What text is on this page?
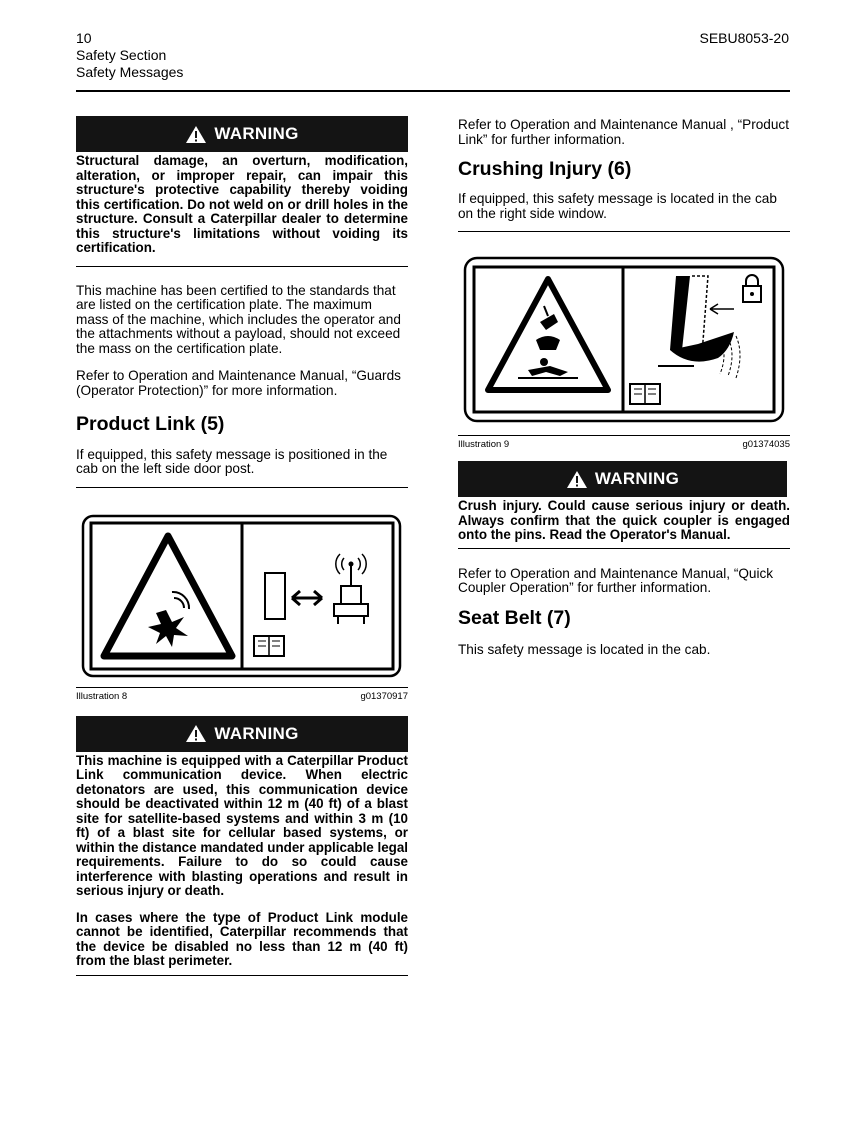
10
Safety Section
Safety Messages
SEBU8053-20
WARNING
Structural damage, an overturn, modification, alteration, or improper repair, can impair this structure's protective capability thereby voiding this certification. Do not weld on or drill holes in the structure. Consult a Caterpillar dealer to determine this structure's limitations without voiding its certification.

This machine has been certified to the standards that are listed on the certification plate. The maximum mass of the machine, which includes the operator and the attachments without a payload, should not exceed the mass on the certification plate.

Refer to Operation and Maintenance Manual, “Guards (Operator Protection)” for more information.

Product Link (5)

If equipped, this safety message is positioned in the cab on the left side door post.

Illustration 8	g01370917
WARNING
This machine is equipped with a Caterpillar Product Link communication device. When electric detonators are used, this communication device should be deactivated within 12 m (40 ft) of a blast site for satellite-based systems and within 3 m (10 ft) of a blast site for cellular based systems, or within the distance mandated under applicable legal requirements. Failure to do so could cause interference with blasting operations and result in serious injury or death.
In cases where the type of Product Link module cannot be identified, Caterpillar recommends that the device be disabled no less than 12 m (40 ft) from the blast perimeter.

Refer to Operation and Maintenance Manual , “Product Link” for further information.

Crushing Injury (6)

If equipped, this safety message is located in the cab on the right side window.

Illustration 9	g01374035
WARNING
Crush injury. Could cause serious injury or death. Always confirm that the quick coupler is engaged onto the pins. Read the Operator's Manual.

Refer to Operation and Maintenance Manual, “Quick Coupler Operation” for further information.

Seat Belt (7)

This safety message is located in the cab.
